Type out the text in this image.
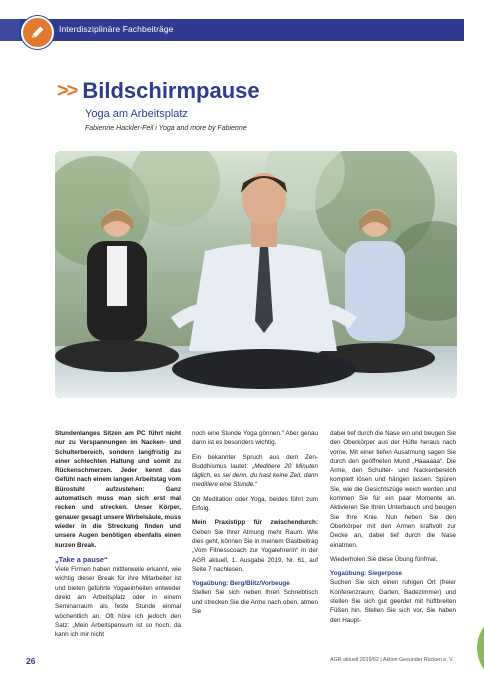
Interdisziplinäre Fachbeiträge
>> Bildschirmpause
Yoga am Arbeitsplatz
Fabienne Hackler-Feil i Yoga and more by Fabienne

Stundenlanges Sitzen am PC führt nicht nur zu Verspannungen im Nacken- und Schulterbereich, sondern langfristig zu einer schlechten Haltung und somit zu Rückenschmerzen. Jeder kennt das Gefühl nach einem langen Arbeitstag vom Bürostuhl aufzustehen: Ganz automatisch muss man sich erst mal recken und strecken. Unser Körper, genauer gesagt unsere Wirbelsäule, muss wieder in die Streckung finden und unsere Augen benötigen ebenfalls einen kurzen Break.

„Take a pause“

Viele Firmen haben mittlerweile erkannt, wie wichtig dieser Break für ihre Mitarbeiter ist und bieten geführte Yogaeinheiten entweder direkt am Arbeitsplatz oder in einem Seminarraum als feste Stunde einmal wöchentlich an. Oft höre ich jedoch den Satz: „Mein Arbeitspensum ist so hoch, da kann ich mir nicht

noch eine Stunde Yoga gönnen.“ Aber genau dann ist es besonders wichtig.

Ein bekannter Spruch aus dem Zen-Buddhismus lautet: „Meditiere 20 Minuten täglich, es sei denn, du hast keine Zeit, dann meditiere eine Stunde.“

Ob Meditation oder Yoga, beides führt zum Erfolg.

Mein Praxistipp für zwischendurch: Geben Sie Ihrer Atmung mehr Raum. Wie dies geht, können Sie in meinem Gastbeitrag „Vom Fitnesscoach zur Yogalehrerin“ in der AGR aktuell, 1. Ausgabe 2019, Nr. 61, auf Seite 7 nachlesen.

Yogaübung: Berg/Blitz/Vorbeuge

Stellen Sie sich neben Ihren Schreibtisch und strecken Sie die Arme nach oben, atmen Sie

dabei tief durch die Nase ein und beugen Sie den Oberkörper aus der Hüfte heraus nach vorne. Mit einer tiefen Ausatmung sagen Sie durch den geöffneten Mund „Haaaaaa“. Die Arme, den Schulter- und Nackenbereich komplett lösen und hängen lassen. Spüren Sie, wie die Gesichtszüge weich werden und kommen Sie für ein paar Momente an. Aktivieren Sie Ihren Unterbauch und beugen Sie Ihre Knie. Nun heben Sie den Oberkörper mit den Armen kraftvoll zur Decke an, dabei tief durch die Nase einatmen.

Wiederholen Sie diese Übung fünfmal.

Yogaübung: Siegerpose

Suchen Sie sich einen ruhigen Ort (freier Konferenzraum, Garten, Badezimmer) und stellen Sie sich gut geerdet mit hüftbreiten Füßen hin. Stellen Sie sich vor, Sie haben den Haupt-

26	AGR aktuell 2019/62 | Aktion Gesunder Rücken e. V.
